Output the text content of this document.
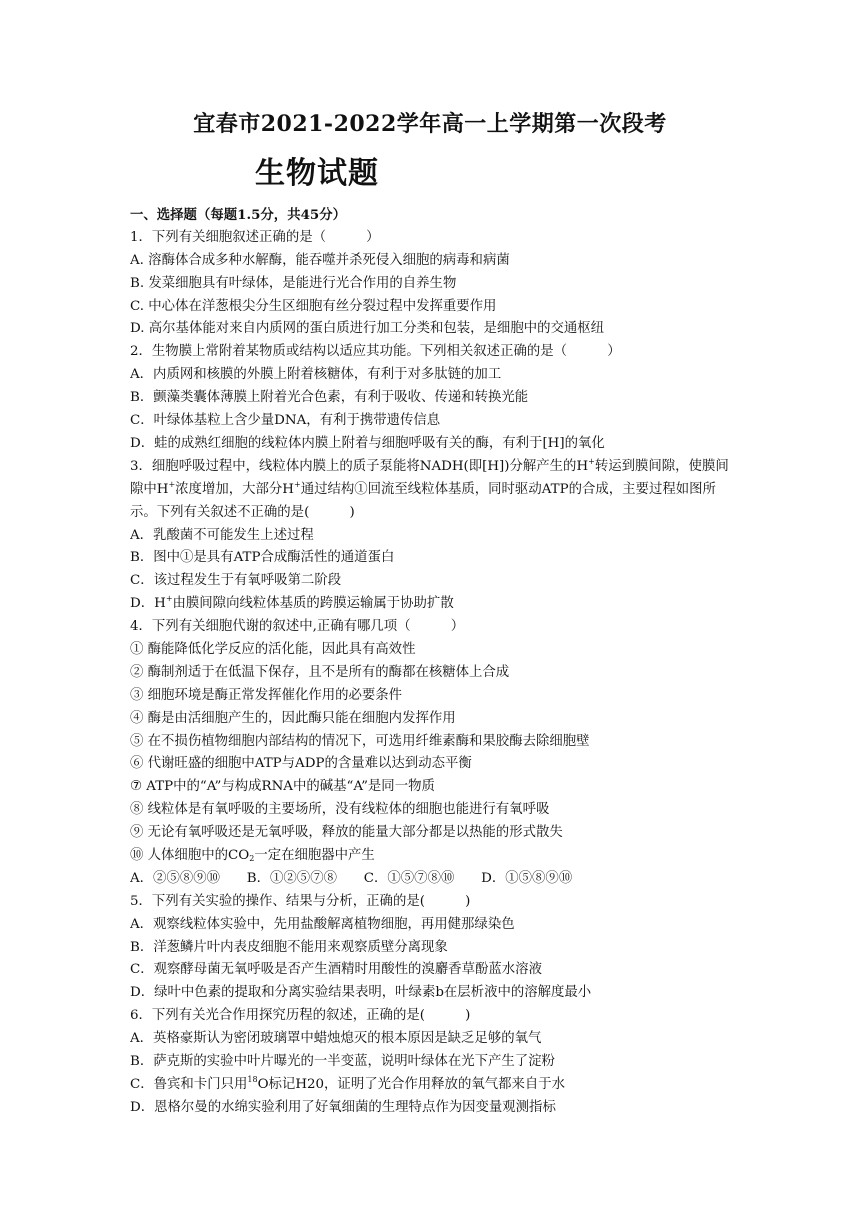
宜春市2021-2022学年高一上学期第一次段考
生物试题
一、选择题（每题1.5分，共45分）
1．下列有关细胞叙述正确的是（　　　）
A. 溶酶体合成多种水解酶，能吞噬并杀死侵入细胞的病毒和病菌
B. 发菜细胞具有叶绿体，是能进行光合作用的自养生物
C. 中心体在洋葱根尖分生区细胞有丝分裂过程中发挥重要作用
D. 高尔基体能对来自内质网的蛋白质进行加工分类和包装，是细胞中的交通枢纽
2．生物膜上常附着某物质或结构以适应其功能。下列相关叙述正确的是（　　　）
A．内质网和核膜的外膜上附着核糖体，有利于对多肽链的加工
B．颤藻类囊体薄膜上附着光合色素，有利于吸收、传递和转换光能
C．叶绿体基粒上含少量DNA，有利于携带遗传信息
D．蛙的成熟红细胞的线粒体内膜上附着与细胞呼吸有关的酶，有利于[H]的氧化
3．细胞呼吸过程中，线粒体内膜上的质子泵能将NADH(即[H])分解产生的H+转运到膜间隙，使膜间隙中H+浓度增加，大部分H+通过结构①回流至线粒体基质，同时驱动ATP的合成，主要过程如图所示。下列有关叙述不正确的是(　　　)
A．乳酸菌不可能发生上述过程
B．图中①是具有ATP合成酶活性的通道蛋白
C．该过程发生于有氧呼吸第二阶段
D．H+由膜间隙向线粒体基质的跨膜运输属于协助扩散
4．下列有关细胞代谢的叙述中,正确有哪几项（　　　）
① 酶能降低化学反应的活化能，因此具有高效性
② 酶制剂适于在低温下保存，且不是所有的酶都在核糖体上合成
③ 细胞环境是酶正常发挥催化作用的必要条件
④ 酶是由活细胞产生的，因此酶只能在细胞内发挥作用
⑤ 在不损伤植物细胞内部结构的情况下，可选用纤维素酶和果胶酶去除细胞壁
⑥ 代谢旺盛的细胞中ATP与ADP的含量难以达到动态平衡
⑦ ATP中的“A”与构成RNA中的碱基“A”是同一物质
⑧ 线粒体是有氧呼吸的主要场所，没有线粒体的细胞也能进行有氧呼吸
⑨ 无论有氧呼吸还是无氧呼吸，释放的能量大部分都是以热能的形式散失
⑩ 人体细胞中的$CO_2$一定在细胞器中产生
A．②⑤⑧⑨⑩　　B．①②⑤⑦⑧　　C．①⑤⑦⑧⑩　　D．①⑤⑧⑨⑩
5．下列有关实验的操作、结果与分析，正确的是(　　　)
A．观察线粒体实验中，先用盐酸解离植物细胞，再用健那绿染色
B．洋葱鳞片叶内表皮细胞不能用来观察质壁分离现象
C．观察酵母菌无氧呼吸是否产生酒精时用酸性的溴麝香草酚蓝水溶液
D．绿叶中色素的提取和分离实验结果表明，叶绿素b在层析液中的溶解度最小
6．下列有关光合作用探究历程的叙述，正确的是(　　　)
A．英格豪斯认为密闭玻璃罩中蜡烛熄灭的根本原因是缺乏足够的氧气
B．萨克斯的实验中叶片曝光的一半变蓝，说明叶绿体在光下产生了淀粉
C．鲁宾和卡门只用$^{18}$O标记H20，证明了光合作用释放的氧气都来自于水
D．恩格尔曼的水绵实验利用了好氧细菌的生理特点作为因变量观测指标
